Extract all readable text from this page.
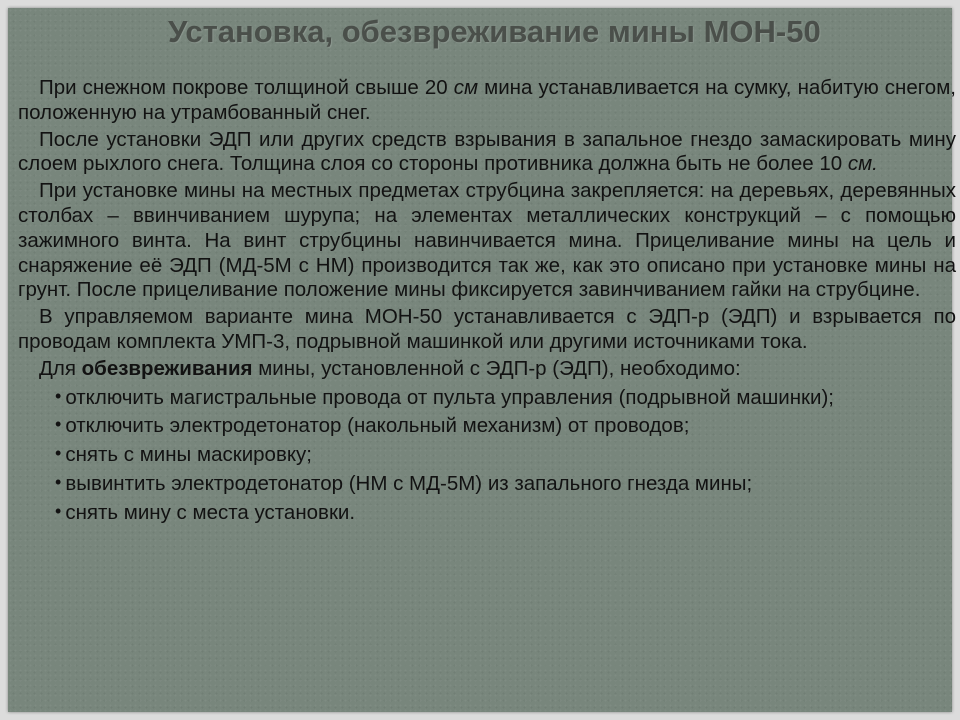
Установка, обезвреживание мины МОН-50

При снежном покрове толщиной свыше 20 см мина устанавливается на сумку, набитую снегом, положенную на утрамбованный снег.

После установки ЭДП или других средств взрывания в запальное гнездо замаскировать мину слоем рыхлого снега. Толщина слоя со стороны противника должна быть не более 10 см.

При установке мины на местных предметах струбцина закрепляется: на деревьях, деревянных столбах – ввинчиванием шурупа; на элементах металлических конструкций – с помощью зажимного винта. На винт струбцины навинчивается мина. Прицеливание мины на цель и снаряжение её ЭДП (МД-5М с НМ) производится так же, как это описано при установке мины на грунт. После прицеливание положение мины фиксируется завинчиванием гайки на струбцине.

В управляемом варианте мина МОН-50 устанавливается с ЭДП-р (ЭДП) и взрывается по проводам комплекта УМП-3, подрывной машинкой или другими источниками тока.

Для обезвреживания мины, установленной с ЭДП-р (ЭДП), необходимо:

• отключить магистральные провода от пульта управления (подрывной машинки);
• отключить электродетонатор (накольный механизм) от проводов;
• снять с мины маскировку;
• вывинтить электродетонатор (НМ с МД-5М) из запального гнезда мины;
• снять мину с места установки.
